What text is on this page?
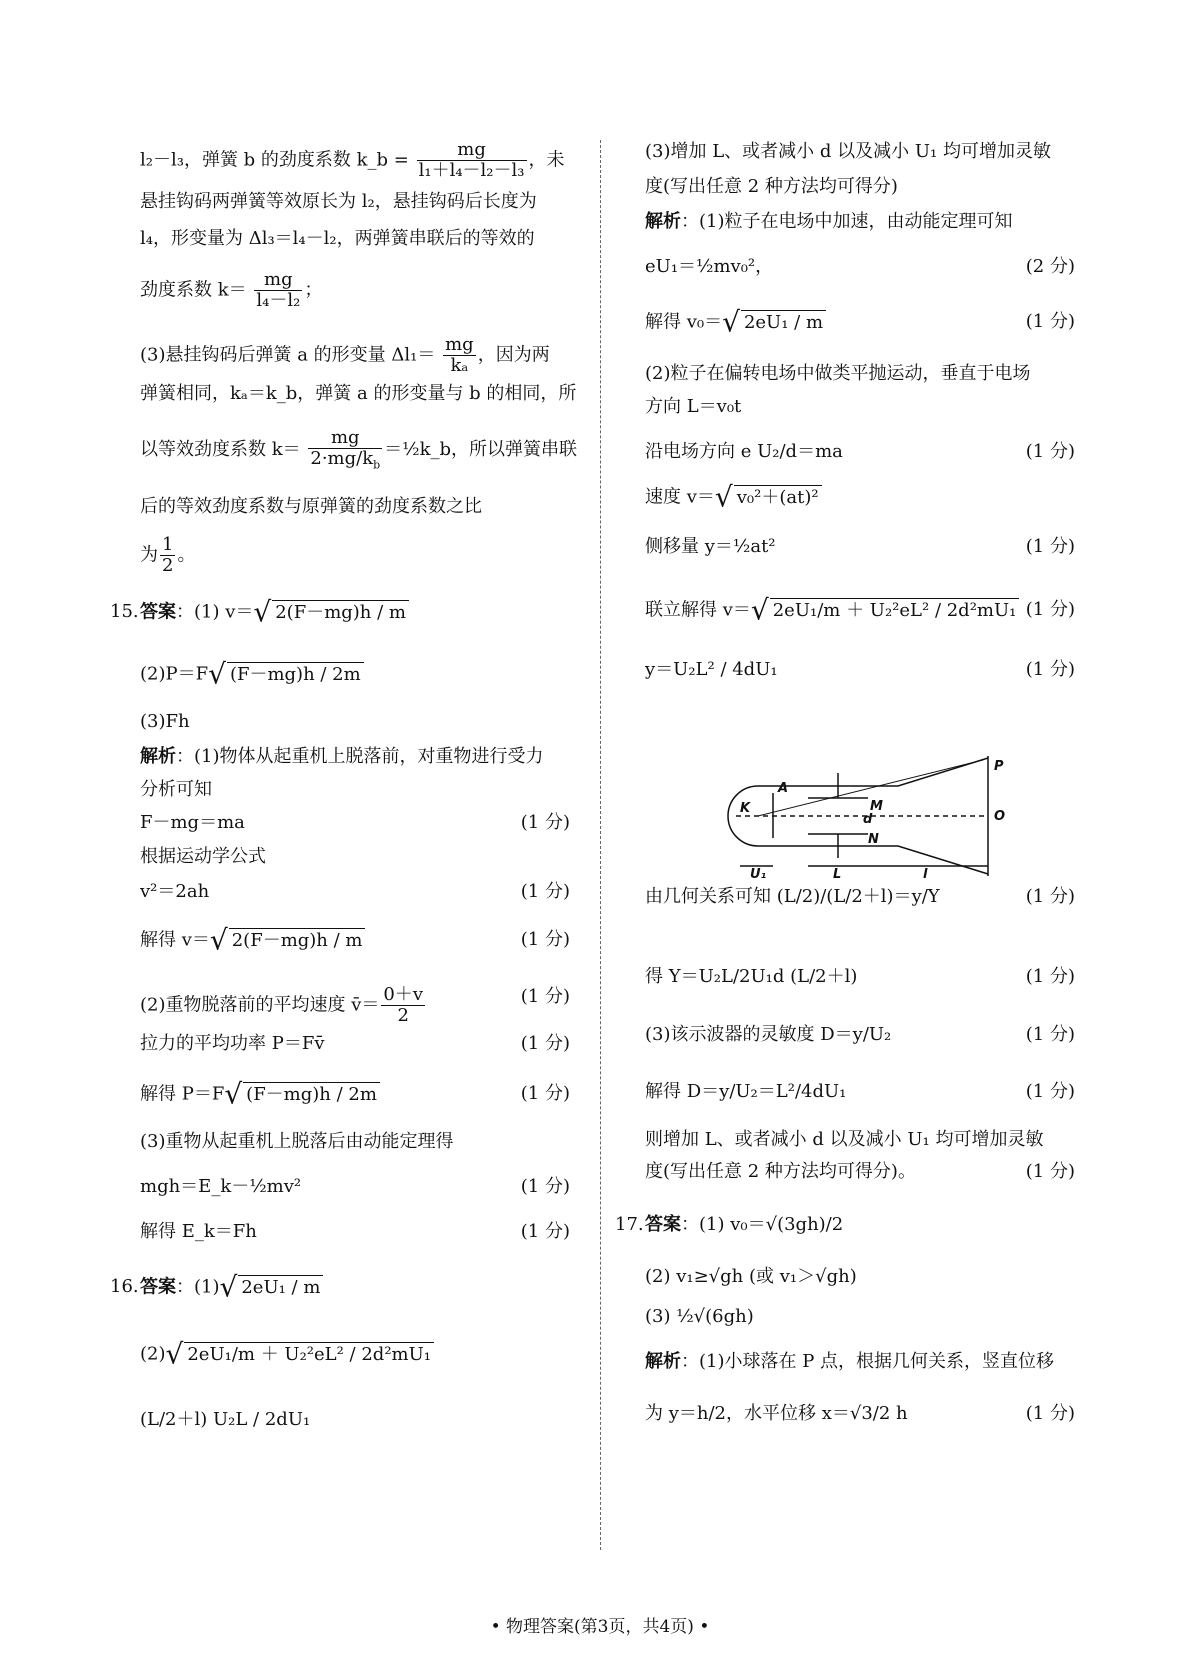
l₂－l₃，弹簧 b 的劲度系数 k_b = $\frac{mg}{\text{l₁＋l₄－l₂－l₃}}$ ，未
悬挂钩码两弹簧等效原长为 l₂，悬挂钩码后长度为
l₄，形变量为 Δl₃＝l₄－l₂，两弹簧串联后的等效的
劲度系数 $k= \frac{mg}{\text{l₄－l₂}}$ ；
(3)悬挂钩码后弹簧 a 的形变量 $\Delta l_1= \frac{mg}{\text{kₐ}}$ ，因为两
弹簧相同，kₐ＝k_b，弹簧 a 的形变量与 b 的相同，所
以等效劲度系数 $k= \frac{mg}{2\cdot mg/k_b}$ ＝½k_b，所以弹簧串联
后的等效劲度系数与原弹簧的劲度系数之比
为 $\frac{1}{2}$ 。
15. 答案：(1) v＝√ 2(F－mg)h / m
(2)P＝F√ (F－mg)h / 2m
(3)Fh
解析：(1)物体从起重机上脱落前，对重物进行受力
分析可知
F－mg＝ma	(1 分)
根据运动学公式
v²＝2ah	(1 分)
解得 v＝√ 2(F－mg)h / m	(1 分)
(2)重物脱落前的平均速度 v̄＝ $\frac{0+v}{2}$	(1 分)
拉力的平均功率 P＝Fv̄	(1 分)
解得 P＝F√ (F－mg)h / 2m	(1 分)
(3)重物从起重机上脱落后由动能定理得
mgh＝E_k－½mv²	(1 分)
解得 E_k＝Fh	(1 分)
16. 答案：(1)√ 2eU₁ / m
(2)√ 2eU₁/m ＋ U₂²eL² / 2d²mU₁
(L/2＋l) U₂L / 2dU₁
(3)增加 L、或者减小 d 以及减小 U₁ 均可增加灵敏
度(写出任意 2 种方法均可得分)
解析：(1)粒子在电场中加速，由动能定理可知
eU₁＝½mv₀²，	(2 分)
解得 v₀＝√ 2eU₁ / m	(1 分)
(2)粒子在偏转电场中做类平抛运动，垂直于电场
方向 L＝v₀t
沿电场方向 e U₂/d＝ma	(1 分)
速度 v＝√ v₀²＋(at)²
侧移量 y＝½at²	(1 分)
联立解得 v＝√ 2eU₁/m ＋ U₂²eL² / 2d²mU₁ (1 分)
y＝U₂L² / 4dU₁	(1 分)
由几何关系可知 (L/2)/(L/2＋l)＝y/Y	(1 分)
得 Y＝U₂L/2U₁d (L/2＋l)	(1 分)
(3)该示波器的灵敏度 D＝y/U₂	(1 分)
解得 D＝y/U₂＝L²/4dU₁	(1 分)
则增加 L、或者减小 d 以及减小 U₁ 均可增加灵敏
度(写出任意 2 种方法均可得分)。	(1 分)
17. 答案：(1) v₀＝√(3gh)/2
(2) v₁≥√gh (或 v₁＞√gh)
(3) ½√(6gh)
解析：(1)小球落在 P 点，根据几何关系，竖直位移
为 y＝h/2，水平位移 x＝√3/2 h	(1 分)
K
A
M
d
N
P
O
U₁	L	l
• 物理答案(第3页，共4页) •
